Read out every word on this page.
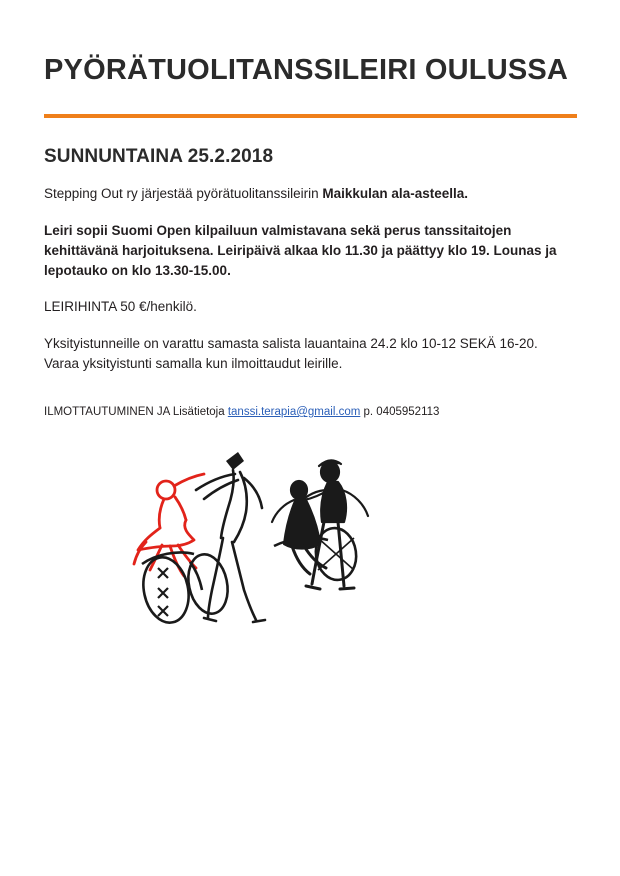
PYÖRÄTUOLITANSSILEIRI OULUSSA
SUNNUNTAINA 25.2.2018

Stepping Out ry järjestää pyörätuolitanssileirin Maikkulan ala-asteella.

Leiri sopii Suomi Open kilpailuun valmistavana sekä perus tanssitaitojen kehittävänä harjoituksena. Leiripäivä alkaa klo 11.30 ja päättyy klo 19. Lounas ja lepotauko on klo 13.30-15.00.

LEIRIHINTA 50 €/henkilö.

Yksityistunneille on varattu samasta salista lauantaina 24.2 klo 10-12 SEKÄ 16-20. Varaa yksityistunti samalla kun ilmoittaudut leirille.

ILMOTTAUTUMINEN JA Lisätietoja tanssi.terapia@gmail.com p. 0405952113
